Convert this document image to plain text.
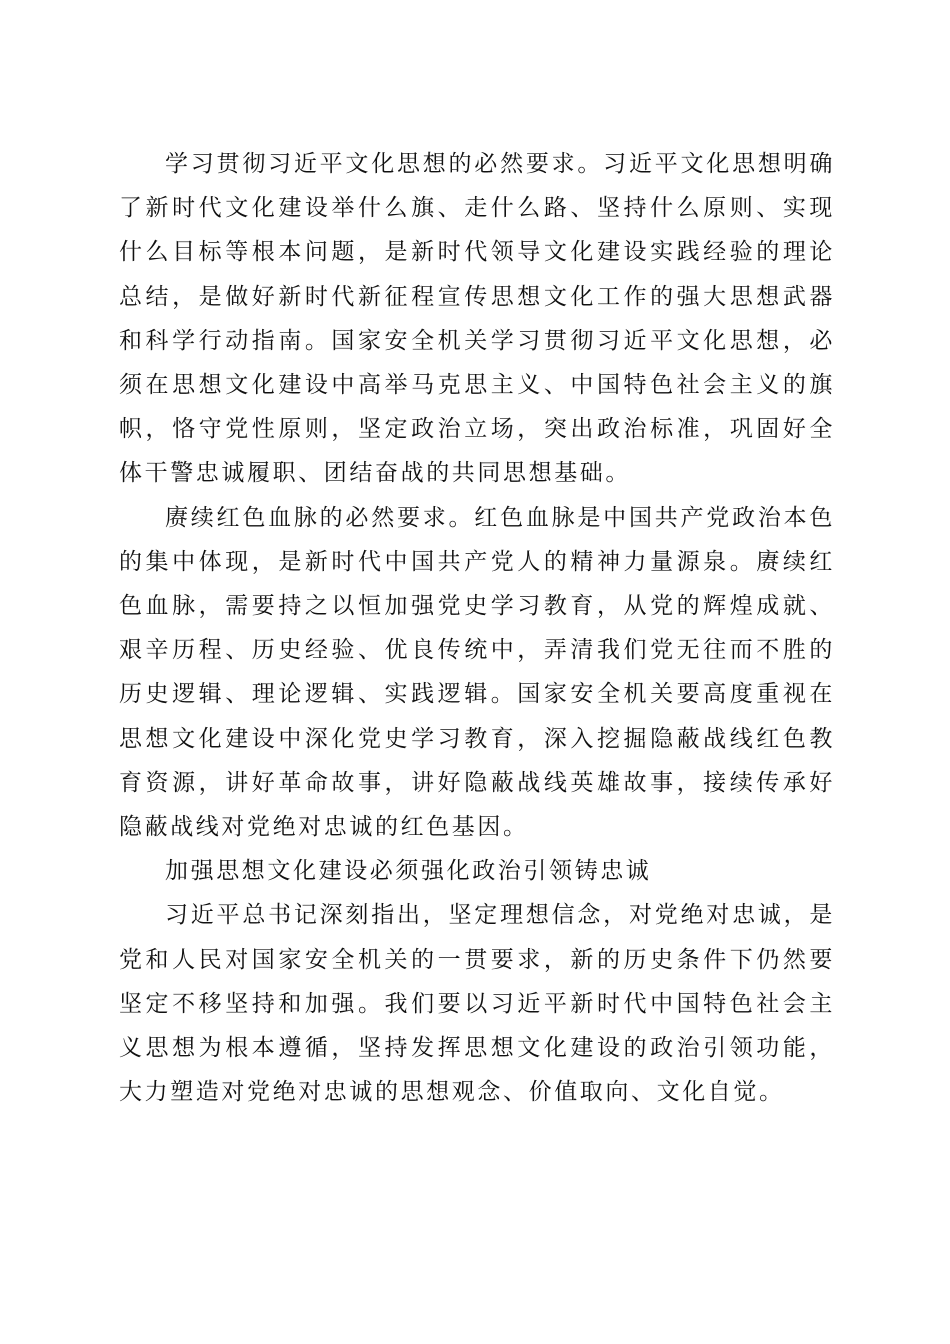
学习贯彻习近平文化思想的必然要求。习近平文化思想明确了新时代文化建设举什么旗、走什么路、坚持什么原则、实现什么目标等根本问题，是新时代领导文化建设实践经验的理论总结，是做好新时代新征程宣传思想文化工作的强大思想武器和科学行动指南。国家安全机关学习贯彻习近平文化思想，必须在思想文化建设中高举马克思主义、中国特色社会主义的旗帜，恪守党性原则，坚定政治立场，突出政治标准，巩固好全体干警忠诚履职、团结奋战的共同思想基础。

赓续红色血脉的必然要求。红色血脉是中国共产党政治本色的集中体现，是新时代中国共产党人的精神力量源泉。赓续红色血脉，需要持之以恒加强党史学习教育，从党的辉煌成就、艰辛历程、历史经验、优良传统中，弄清我们党无往而不胜的历史逻辑、理论逻辑、实践逻辑。国家安全机关要高度重视在思想文化建设中深化党史学习教育，深入挖掘隐蔽战线红色教育资源，讲好革命故事，讲好隐蔽战线英雄故事，接续传承好隐蔽战线对党绝对忠诚的红色基因。

加强思想文化建设必须强化政治引领铸忠诚

习近平总书记深刻指出，坚定理想信念，对党绝对忠诚，是党和人民对国家安全机关的一贯要求，新的历史条件下仍然要坚定不移坚持和加强。我们要以习近平新时代中国特色社会主义思想为根本遵循，坚持发挥思想文化建设的政治引领功能，大力塑造对党绝对忠诚的思想观念、价值取向、文化自觉。
